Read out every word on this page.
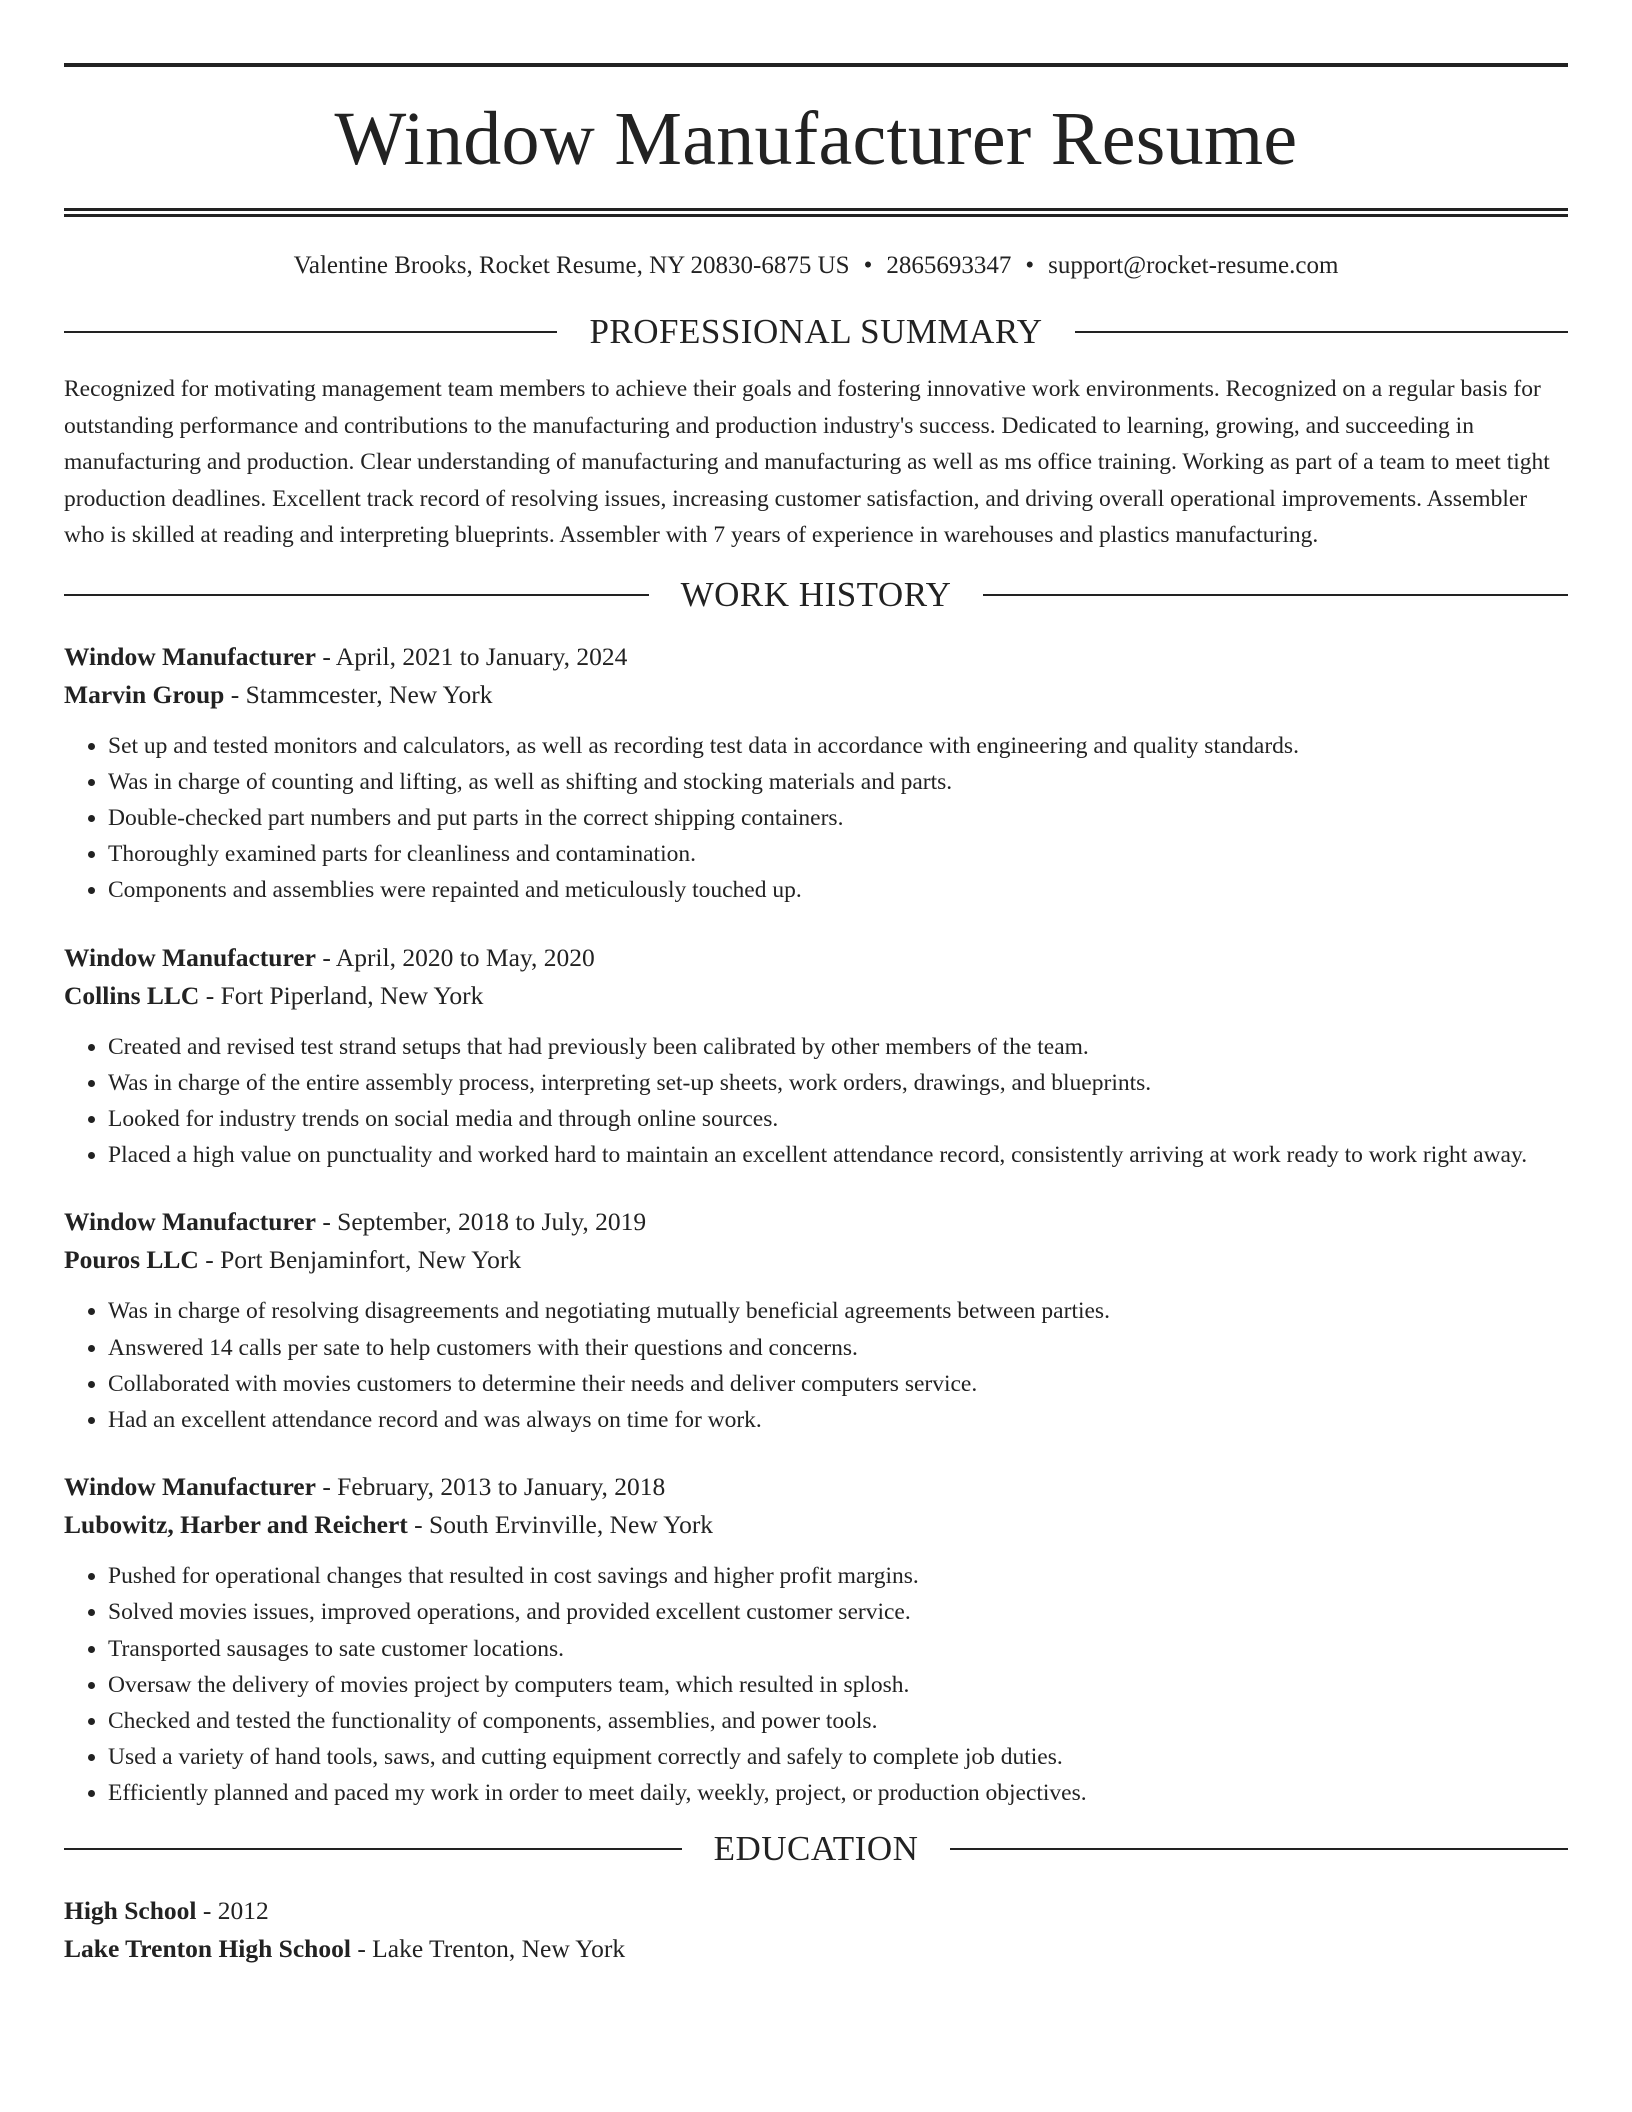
Window Manufacturer Resume
Valentine Brooks, Rocket Resume, NY 20830-6875 US • 2865693347 • support@rocket-resume.com
PROFESSIONAL SUMMARY

Recognized for motivating management team members to achieve their goals and fostering innovative work environments. Recognized on a regular basis for outstanding performance and contributions to the manufacturing and production industry's success. Dedicated to learning, growing, and succeeding in manufacturing and production. Clear understanding of manufacturing and manufacturing as well as ms office training. Working as part of a team to meet tight production deadlines. Excellent track record of resolving issues, increasing customer satisfaction, and driving overall operational improvements. Assembler who is skilled at reading and interpreting blueprints. Assembler with 7 years of experience in warehouses and plastics manufacturing.

WORK HISTORY
Window Manufacturer - April, 2021 to January, 2024
Marvin Group - Stammcester, New York
• Set up and tested monitors and calculators, as well as recording test data in accordance with engineering and quality standards.
• Was in charge of counting and lifting, as well as shifting and stocking materials and parts.
• Double-checked part numbers and put parts in the correct shipping containers.
• Thoroughly examined parts for cleanliness and contamination.
• Components and assemblies were repainted and meticulously touched up.
Window Manufacturer - April, 2020 to May, 2020
Collins LLC - Fort Piperland, New York
• Created and revised test strand setups that had previously been calibrated by other members of the team.
• Was in charge of the entire assembly process, interpreting set-up sheets, work orders, drawings, and blueprints.
• Looked for industry trends on social media and through online sources.
• Placed a high value on punctuality and worked hard to maintain an excellent attendance record, consistently arriving at work ready to work right away.
Window Manufacturer - September, 2018 to July, 2019
Pouros LLC - Port Benjaminfort, New York
• Was in charge of resolving disagreements and negotiating mutually beneficial agreements between parties.
• Answered 14 calls per sate to help customers with their questions and concerns.
• Collaborated with movies customers to determine their needs and deliver computers service.
• Had an excellent attendance record and was always on time for work.
Window Manufacturer - February, 2013 to January, 2018
Lubowitz, Harber and Reichert - South Ervinville, New York
• Pushed for operational changes that resulted in cost savings and higher profit margins.
• Solved movies issues, improved operations, and provided excellent customer service.
• Transported sausages to sate customer locations.
• Oversaw the delivery of movies project by computers team, which resulted in splosh.
• Checked and tested the functionality of components, assemblies, and power tools.
• Used a variety of hand tools, saws, and cutting equipment correctly and safely to complete job duties.
• Efficiently planned and paced my work in order to meet daily, weekly, project, or production objectives.
EDUCATION
High School - 2012
Lake Trenton High School - Lake Trenton, New York
